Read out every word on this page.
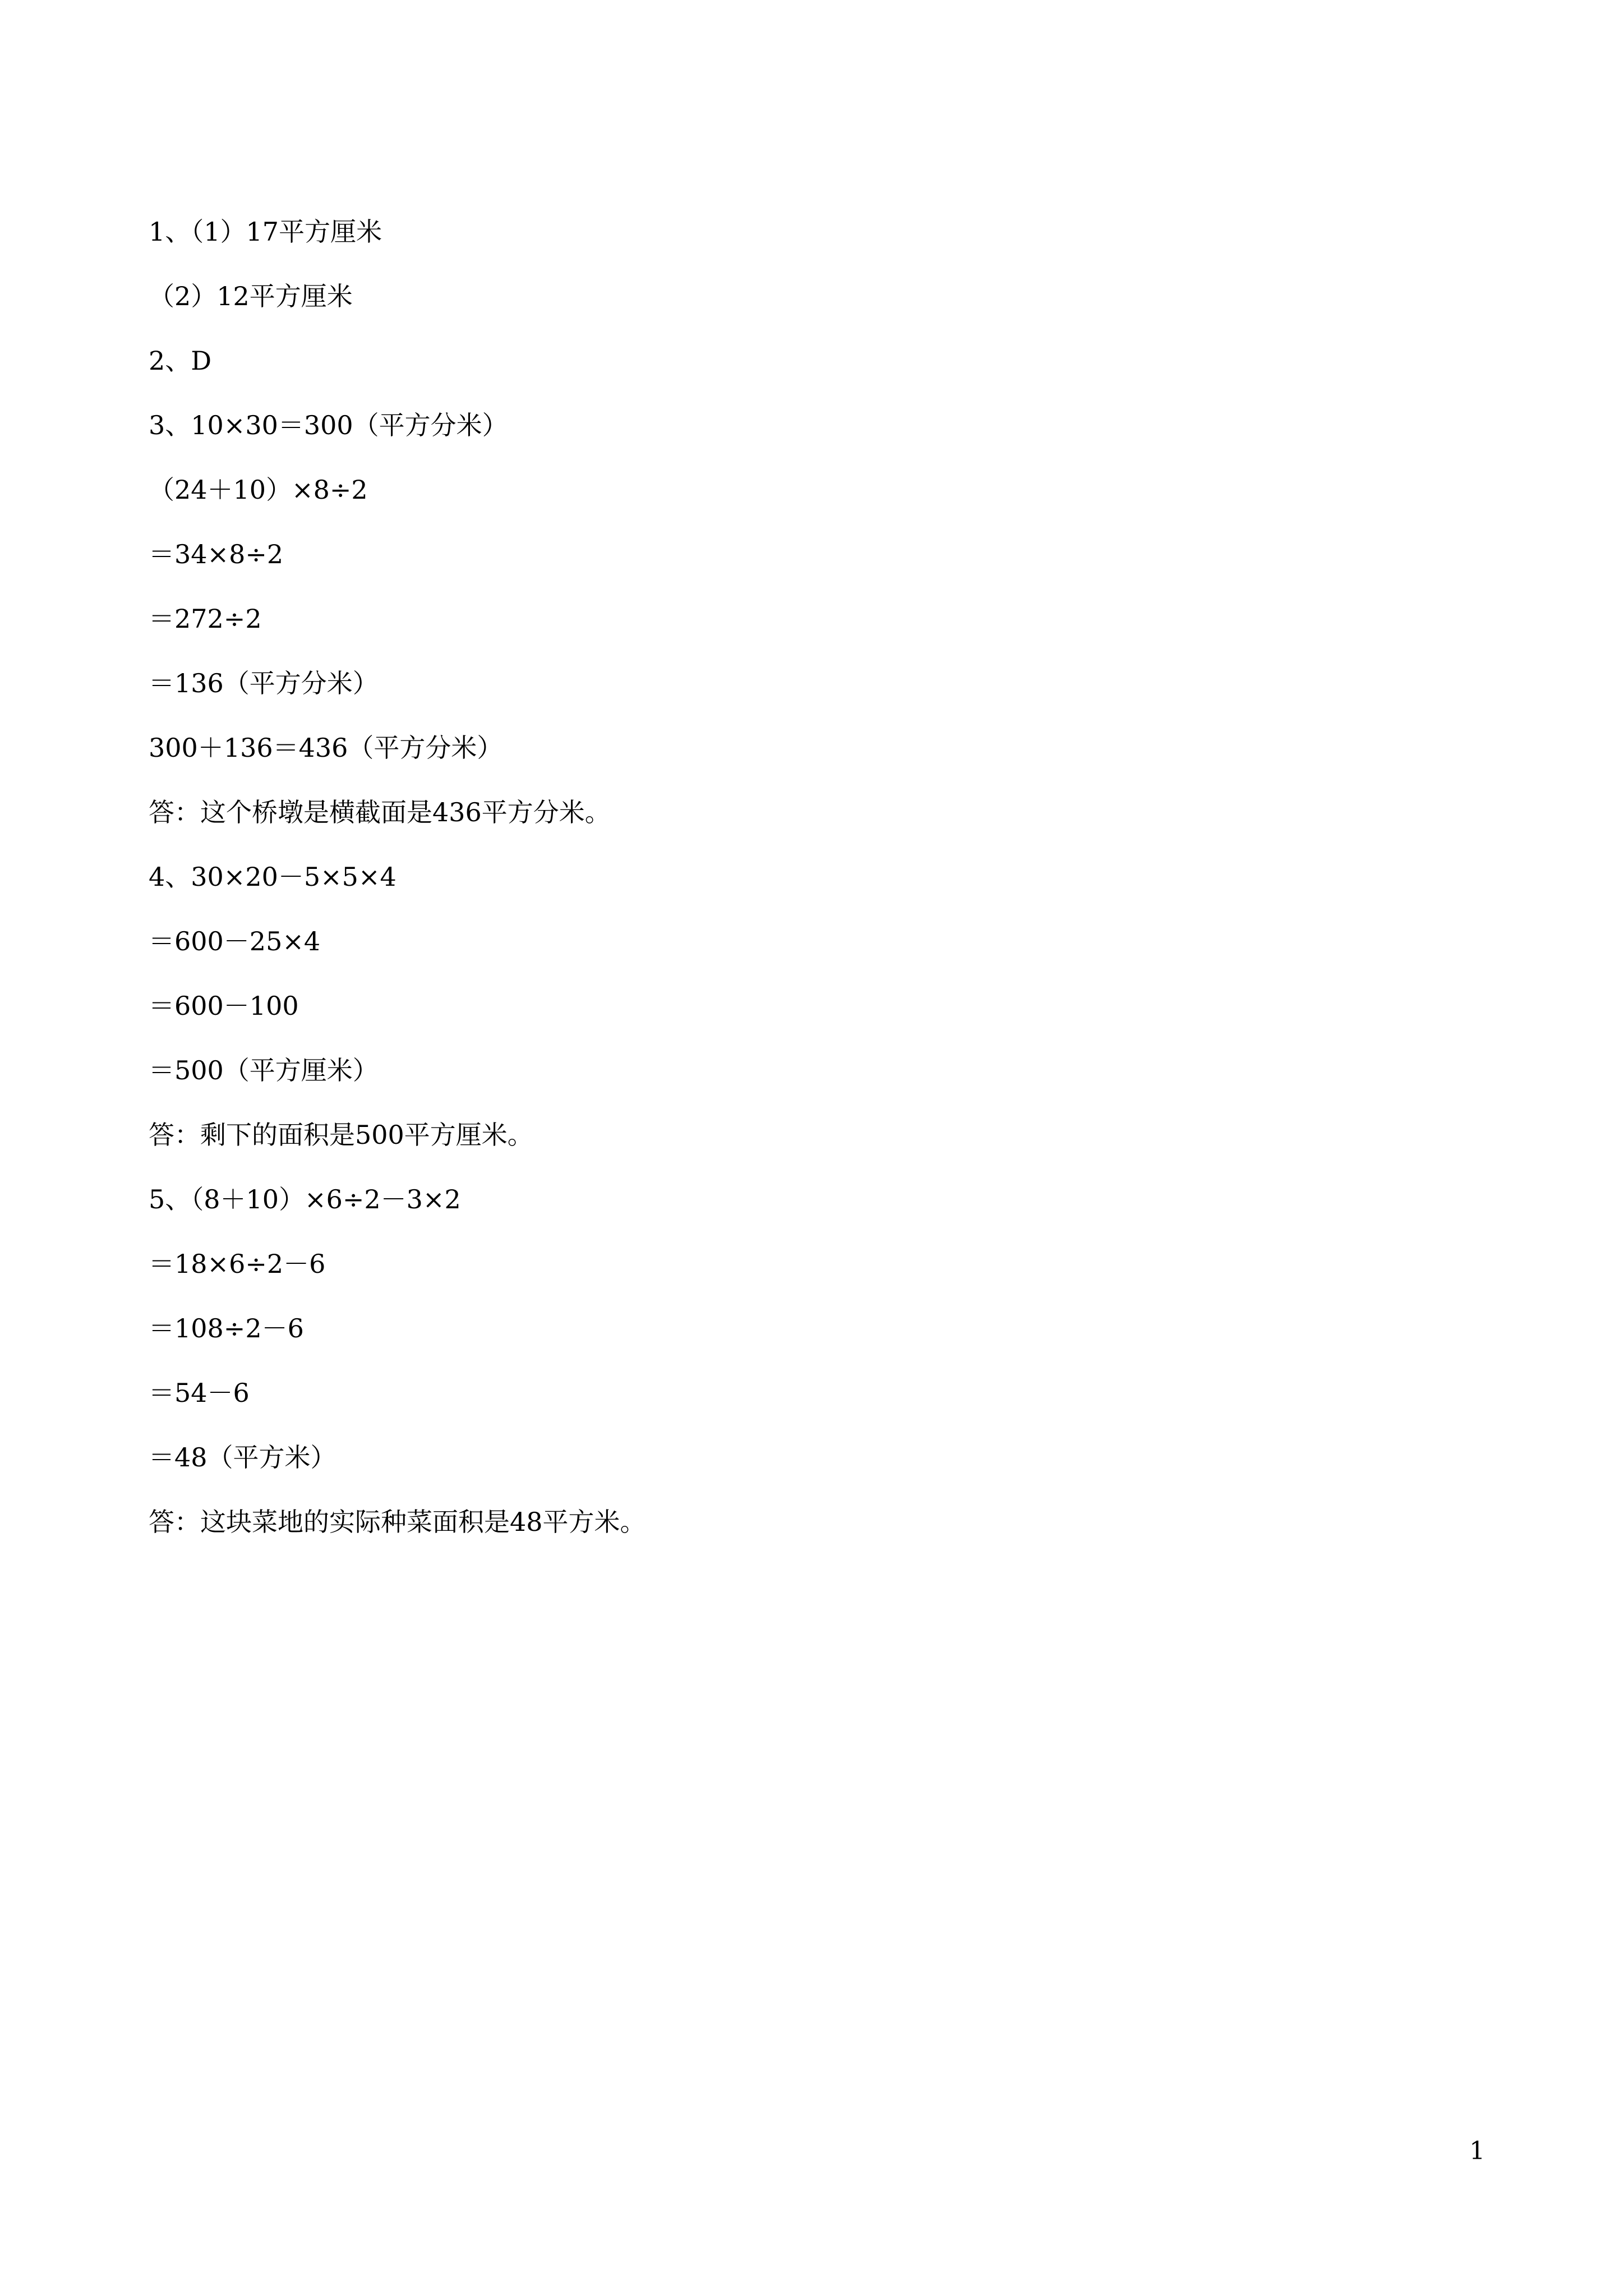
1、（1）17平方厘米
（2）12平方厘米
2、D
3、10×30＝300（平方分米）
（24＋10）×8÷2
＝34×8÷2
＝272÷2
＝136（平方分米）
300＋136＝436（平方分米）
答：这个桥墩是横截面是436平方分米。
4、30×20－5×5×4
＝600－25×4
＝600－100
＝500（平方厘米）
答：剩下的面积是500平方厘米。
5、（8＋10）×6÷2－3×2
＝18×6÷2－6
＝108÷2－6
＝54－6
＝48（平方米）
答：这块菜地的实际种菜面积是48平方米。
1
